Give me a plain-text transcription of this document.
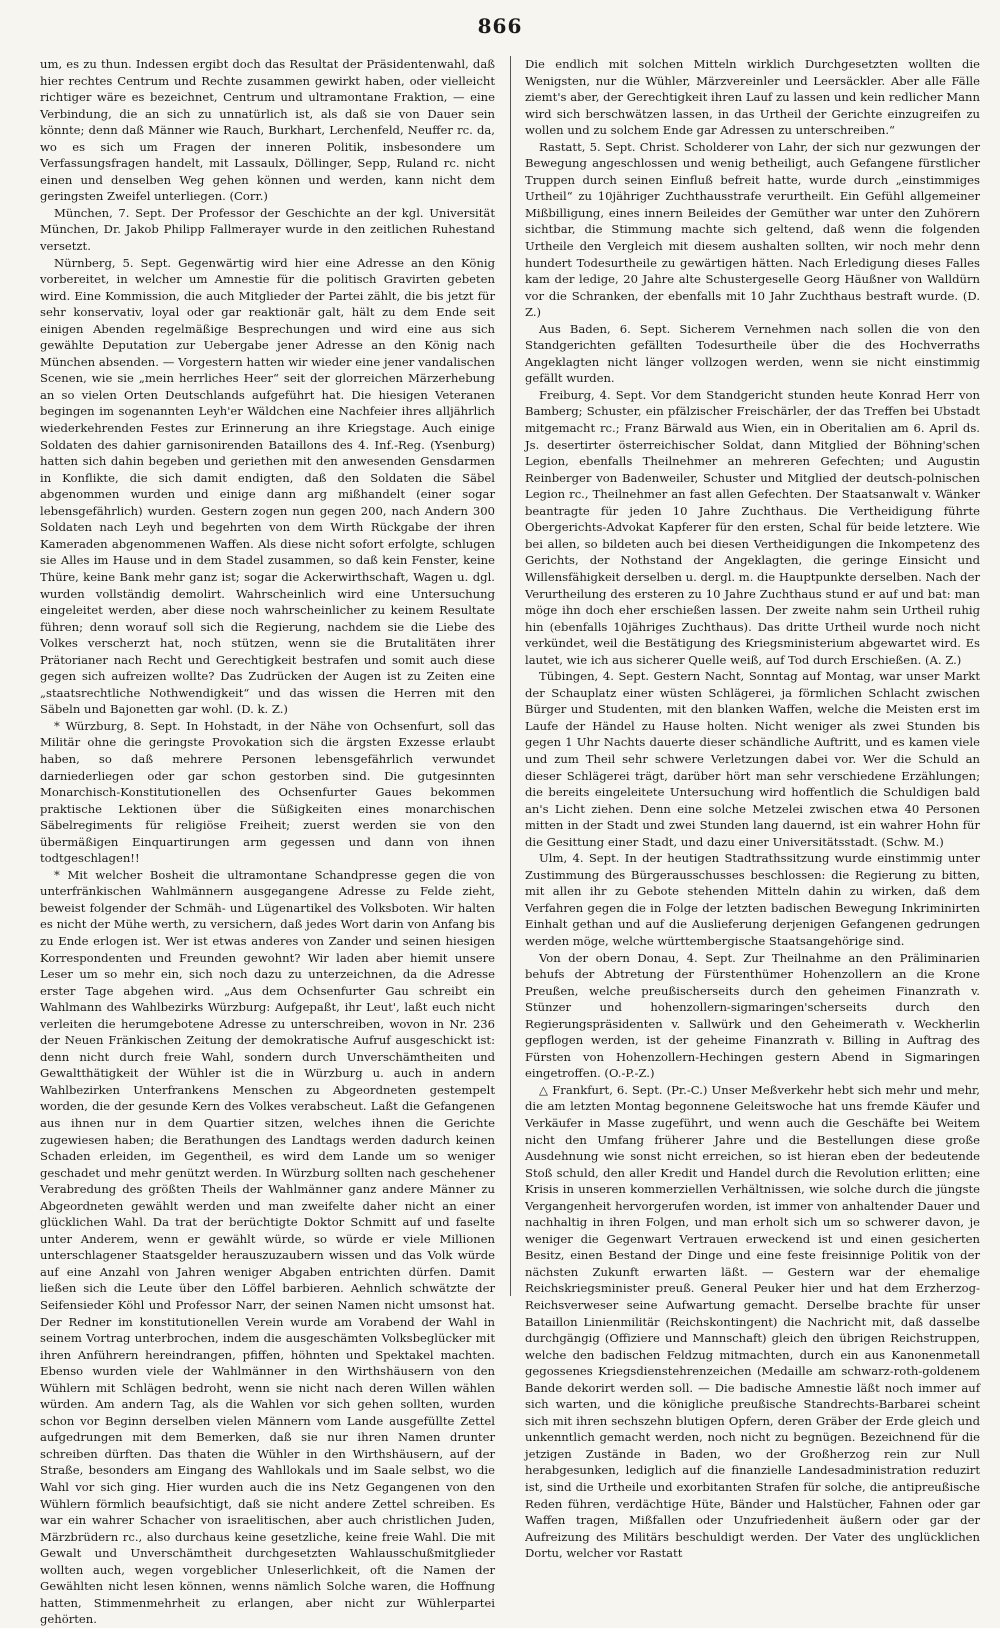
866

um, es zu thun. Indessen ergibt doch das Resultat der Präsidentenwahl, daß hier rechtes Centrum und Rechte zusammen gewirkt haben, oder vielleicht richtiger wäre es bezeichnet, Centrum und ultramontane Fraktion, — eine Verbindung, die an sich zu unnatürlich ist, als daß sie von Dauer sein könnte; denn daß Männer wie Rauch, Burkhart, Lerchenfeld, Neuffer rc. da, wo es sich um Fragen der inneren Politik, insbesondere um Verfassungsfragen handelt, mit Lassaulx, Döllinger, Sepp, Ruland rc. nicht einen und denselben Weg gehen können und werden, kann nicht dem geringsten Zweifel unterliegen. (Corr.)

München, 7. Sept. Der Professor der Geschichte an der kgl. Universität München, Dr. Jakob Philipp Fallmerayer wurde in den zeitlichen Ruhestand versetzt.

Nürnberg, 5. Sept. Gegenwärtig wird hier eine Adresse an den König vorbereitet, in welcher um Amnestie für die politisch Gravirten gebeten wird. Eine Kommission, die auch Mitglieder der Partei zählt, die bis jetzt für sehr konservativ, loyal oder gar reaktionär galt, hält zu dem Ende seit einigen Abenden regelmäßige Besprechungen und wird eine aus sich gewählte Deputation zur Uebergabe jener Adresse an den König nach München absenden. — Vorgestern hatten wir wieder eine jener vandalischen Scenen, wie sie „mein herrliches Heer“ seit der glorreichen Märzerhebung an so vielen Orten Deutschlands aufgeführt hat. Die hiesigen Veteranen begingen im sogenannten Leyh'er Wäldchen eine Nachfeier ihres alljährlich wiederkehrenden Festes zur Erinnerung an ihre Kriegstage. Auch einige Soldaten des dahier garnisonirenden Bataillons des 4. Inf.-Reg. (Ysenburg) hatten sich dahin begeben und geriethen mit den anwesenden Gensdarmen in Konflikte, die sich damit endigten, daß den Soldaten die Säbel abgenommen wurden und einige dann arg mißhandelt (einer sogar lebensgefährlich) wurden. Gestern zogen nun gegen 200, nach Andern 300 Soldaten nach Leyh und begehrten von dem Wirth Rückgabe der ihren Kameraden abgenommenen Waffen. Als diese nicht sofort erfolgte, schlugen sie Alles im Hause und in dem Stadel zusammen, so daß kein Fenster, keine Thüre, keine Bank mehr ganz ist; sogar die Ackerwirthschaft, Wagen u. dgl. wurden vollständig demolirt. Wahrscheinlich wird eine Untersuchung eingeleitet werden, aber diese noch wahrscheinlicher zu keinem Resultate führen; denn worauf soll sich die Regierung, nachdem sie die Liebe des Volkes verscherzt hat, noch stützen, wenn sie die Brutalitäten ihrer Prätorianer nach Recht und Gerechtigkeit bestrafen und somit auch diese gegen sich aufreizen wollte? Das Zudrücken der Augen ist zu Zeiten eine „staatsrechtliche Nothwendigkeit“ und das wissen die Herren mit den Säbeln und Bajonetten gar wohl. (D. k. Z.)

* Würzburg, 8. Sept. In Hohstadt, in der Nähe von Ochsenfurt, soll das Militär ohne die geringste Provokation sich die ärgsten Exzesse erlaubt haben, so daß mehrere Personen lebensgefährlich verwundet darniederliegen oder gar schon gestorben sind. Die gutgesinnten Monarchisch-Konstitutionellen des Ochsenfurter Gaues bekommen praktische Lektionen über die Süßigkeiten eines monarchischen Säbelregiments für religiöse Freiheit; zuerst werden sie von den übermäßigen Einquartirungen arm gegessen und dann von ihnen todtgeschlagen!!

* Mit welcher Bosheit die ultramontane Schandpresse gegen die von unterfränkischen Wahlmännern ausgegangene Adresse zu Felde zieht, beweist folgender der Schmäh- und Lügenartikel des Volksboten. Wir halten es nicht der Mühe werth, zu versichern, daß jedes Wort darin von Anfang bis zu Ende erlogen ist. Wer ist etwas anderes von Zander und seinen hiesigen Korrespondenten und Freunden gewohnt? Wir laden aber hiemit unsere Leser um so mehr ein, sich noch dazu zu unterzeichnen, da die Adresse erster Tage abgehen wird. „Aus dem Ochsenfurter Gau schreibt ein Wahlmann des Wahlbezirks Würzburg: Aufgepaßt, ihr Leut', laßt euch nicht verleiten die herumgebotene Adresse zu unterschreiben, wovon in Nr. 236 der Neuen Fränkischen Zeitung der demokratische Aufruf ausgeschickt ist: denn nicht durch freie Wahl, sondern durch Unverschämtheiten und Gewaltthätigkeit der Wühler ist die in Würzburg u. auch in andern Wahlbezirken Unterfrankens Menschen zu Abgeordneten gestempelt worden, die der gesunde Kern des Volkes verabscheut. Laßt die Gefangenen aus ihnen nur in dem Quartier sitzen, welches ihnen die Gerichte zugewiesen haben; die Berathungen des Landtags werden dadurch keinen Schaden erleiden, im Gegentheil, es wird dem Lande um so weniger geschadet und mehr genützt werden. In Würzburg sollten nach geschehener Verabredung des größten Theils der Wahlmänner ganz andere Männer zu Abgeordneten gewählt werden und man zweifelte daher nicht an einer glücklichen Wahl. Da trat der berüchtigte Doktor Schmitt auf und faselte unter Anderem, wenn er gewählt würde, so würde er viele Millionen unterschlagener Staatsgelder herauszuzaubern wissen und das Volk würde auf eine Anzahl von Jahren weniger Abgaben entrichten dürfen. Damit ließen sich die Leute über den Löffel barbieren. Aehnlich schwätzte der Seifensieder Köhl und Professor Narr, der seinen Namen nicht umsonst hat. Der Redner im konstitutionellen Verein wurde am Vorabend der Wahl in seinem Vortrag unterbrochen, indem die ausgeschämten Volksbeglücker mit ihren Anführern hereindrangen, pfiffen, höhnten und Spektakel machten. Ebenso wurden viele der Wahlmänner in den Wirthshäusern von den Wühlern mit Schlägen bedroht, wenn sie nicht nach deren Willen wählen würden. Am andern Tag, als die Wahlen vor sich gehen sollten, wurden schon vor Beginn derselben vielen Männern vom Lande ausgefüllte Zettel aufgedrungen mit dem Bemerken, daß sie nur ihren Namen drunter schreiben dürften. Das thaten die Wühler in den Wirthshäusern, auf der Straße, besonders am Eingang des Wahllokals und im Saale selbst, wo die Wahl vor sich ging. Hier wurden auch die ins Netz Gegangenen von den Wühlern förmlich beaufsichtigt, daß sie nicht andere Zettel schreiben. Es war ein wahrer Schacher von israelitischen, aber auch christlichen Juden, Märzbrüdern rc., also durchaus keine gesetzliche, keine freie Wahl. Die mit Gewalt und Unverschämtheit durchgesetzten Wahlausschußmitglieder wollten auch, wegen vorgeblicher Unleserlichkeit, oft die Namen der Gewählten nicht lesen können, wenns nämlich Solche waren, die Hoffnung hatten, Stimmenmehrheit zu erlangen, aber nicht zur Wühlerpartei gehörten.

Die endlich mit solchen Mitteln wirklich Durchgesetzten wollten die Wenigsten, nur die Wühler, Märzvereinler und Leersäckler. Aber alle Fälle ziemt's aber, der Gerechtigkeit ihren Lauf zu lassen und kein redlicher Mann wird sich berschwätzen lassen, in das Urtheil der Gerichte einzugreifen zu wollen und zu solchem Ende gar Adressen zu unterschreiben.“

Rastatt, 5. Sept. Christ. Scholderer von Lahr, der sich nur gezwungen der Bewegung angeschlossen und wenig betheiligt, auch Gefangene fürstlicher Truppen durch seinen Einfluß befreit hatte, wurde durch „einstimmiges Urtheil“ zu 10jähriger Zuchthausstrafe verurtheilt. Ein Gefühl allgemeiner Mißbilligung, eines innern Beileides der Gemüther war unter den Zuhörern sichtbar, die Stimmung machte sich geltend, daß wenn die folgenden Urtheile den Vergleich mit diesem aushalten sollten, wir noch mehr denn hundert Todesurtheile zu gewärtigen hätten. Nach Erledigung dieses Falles kam der ledige, 20 Jahre alte Schustergeselle Georg Häußner von Walldürn vor die Schranken, der ebenfalls mit 10 Jahr Zuchthaus bestraft wurde. (D. Z.)

Aus Baden, 6. Sept. Sicherem Vernehmen nach sollen die von den Standgerichten gefällten Todesurtheile über die des Hochverraths Angeklagten nicht länger vollzogen werden, wenn sie nicht einstimmig gefällt wurden.

Freiburg, 4. Sept. Vor dem Standgericht stunden heute Konrad Herr von Bamberg; Schuster, ein pfälzischer Freischärler, der das Treffen bei Ubstadt mitgemacht rc.; Franz Bärwald aus Wien, ein in Oberitalien am 6. April ds. Js. desertirter österreichischer Soldat, dann Mitglied der Böhning'schen Legion, ebenfalls Theilnehmer an mehreren Gefechten; und Augustin Reinberger von Badenweiler, Schuster und Mitglied der deutsch-polnischen Legion rc., Theilnehmer an fast allen Gefechten. Der Staatsanwalt v. Wänker beantragte für jeden 10 Jahre Zuchthaus. Die Vertheidigung führte Obergerichts-Advokat Kapferer für den ersten, Schal für beide letztere. Wie bei allen, so bildeten auch bei diesen Vertheidigungen die Inkompetenz des Gerichts, der Nothstand der Angeklagten, die geringe Einsicht und Willensfähigkeit derselben u. dergl. m. die Hauptpunkte derselben. Nach der Verurtheilung des ersteren zu 10 Jahre Zuchthaus stund er auf und bat: man möge ihn doch eher erschießen lassen. Der zweite nahm sein Urtheil ruhig hin (ebenfalls 10jähriges Zuchthaus). Das dritte Urtheil wurde noch nicht verkündet, weil die Bestätigung des Kriegsministerium abgewartet wird. Es lautet, wie ich aus sicherer Quelle weiß, auf Tod durch Erschießen. (A. Z.)

Tübingen, 4. Sept. Gestern Nacht, Sonntag auf Montag, war unser Markt der Schauplatz einer wüsten Schlägerei, ja förmlichen Schlacht zwischen Bürger und Studenten, mit den blanken Waffen, welche die Meisten erst im Laufe der Händel zu Hause holten. Nicht weniger als zwei Stunden bis gegen 1 Uhr Nachts dauerte dieser schändliche Auftritt, und es kamen viele und zum Theil sehr schwere Verletzungen dabei vor. Wer die Schuld an dieser Schlägerei trägt, darüber hört man sehr verschiedene Erzählungen; die bereits eingeleitete Untersuchung wird hoffentlich die Schuldigen bald an's Licht ziehen. Denn eine solche Metzelei zwischen etwa 40 Personen mitten in der Stadt und zwei Stunden lang dauernd, ist ein wahrer Hohn für die Gesittung einer Stadt, und dazu einer Universitätsstadt. (Schw. M.)

Ulm, 4. Sept. In der heutigen Stadtrathssitzung wurde einstimmig unter Zustimmung des Bürgerausschusses beschlossen: die Regierung zu bitten, mit allen ihr zu Gebote stehenden Mitteln dahin zu wirken, daß dem Verfahren gegen die in Folge der letzten badischen Bewegung Inkriminirten Einhalt gethan und auf die Auslieferung derjenigen Gefangenen gedrungen werden möge, welche württembergische Staatsangehörige sind.

Von der obern Donau, 4. Sept. Zur Theilnahme an den Präliminarien behufs der Abtretung der Fürstenthümer Hohenzollern an die Krone Preußen, welche preußischerseits durch den geheimen Finanzrath v. Stünzer und hohenzollern-sigmaringen'scherseits durch den Regierungspräsidenten v. Sallwürk und den Geheimerath v. Weckherlin gepflogen werden, ist der geheime Finanzrath v. Billing in Auftrag des Fürsten von Hohenzollern-Hechingen gestern Abend in Sigmaringen eingetroffen. (O.-P.-Z.)

△ Frankfurt, 6. Sept. (Pr.-C.) Unser Meßverkehr hebt sich mehr und mehr, die am letzten Montag begonnene Geleitswoche hat uns fremde Käufer und Verkäufer in Masse zugeführt, und wenn auch die Geschäfte bei Weitem nicht den Umfang früherer Jahre und die Bestellungen diese große Ausdehnung wie sonst nicht erreichen, so ist hieran eben der bedeutende Stoß schuld, den aller Kredit und Handel durch die Revolution erlitten; eine Krisis in unseren kommerziellen Verhältnissen, wie solche durch die jüngste Vergangenheit hervorgerufen worden, ist immer von anhaltender Dauer und nachhaltig in ihren Folgen, und man erholt sich um so schwerer davon, je weniger die Gegenwart Vertrauen erweckend ist und einen gesicherten Besitz, einen Bestand der Dinge und eine feste freisinnige Politik von der nächsten Zukunft erwarten läßt. — Gestern war der ehemalige Reichskriegsminister preuß. General Peuker hier und hat dem Erzherzog-Reichsverweser seine Aufwartung gemacht. Derselbe brachte für unser Bataillon Linienmilitär (Reichskontingent) die Nachricht mit, daß dasselbe durchgängig (Offiziere und Mannschaft) gleich den übrigen Reichstruppen, welche den badischen Feldzug mitmachten, durch ein aus Kanonenmetall gegossenes Kriegsdienstehrenzeichen (Medaille am schwarz-roth-goldenem Bande dekorirt werden soll. — Die badische Amnestie läßt noch immer auf sich warten, und die königliche preußische Standrechts-Barbarei scheint sich mit ihren sechszehn blutigen Opfern, deren Gräber der Erde gleich und unkenntlich gemacht werden, noch nicht zu begnügen. Bezeichnend für die jetzigen Zustände in Baden, wo der Großherzog rein zur Null herabgesunken, lediglich auf die finanzielle Landesadministration reduzirt ist, sind die Urtheile und exorbitanten Strafen für solche, die antipreußische Reden führen, verdächtige Hüte, Bänder und Halstücher, Fahnen oder gar Waffen tragen, Mißfallen oder Unzufriedenheit äußern oder gar der Aufreizung des Militärs beschuldigt werden. Der Vater des unglücklichen Dortu, welcher vor Rastatt
